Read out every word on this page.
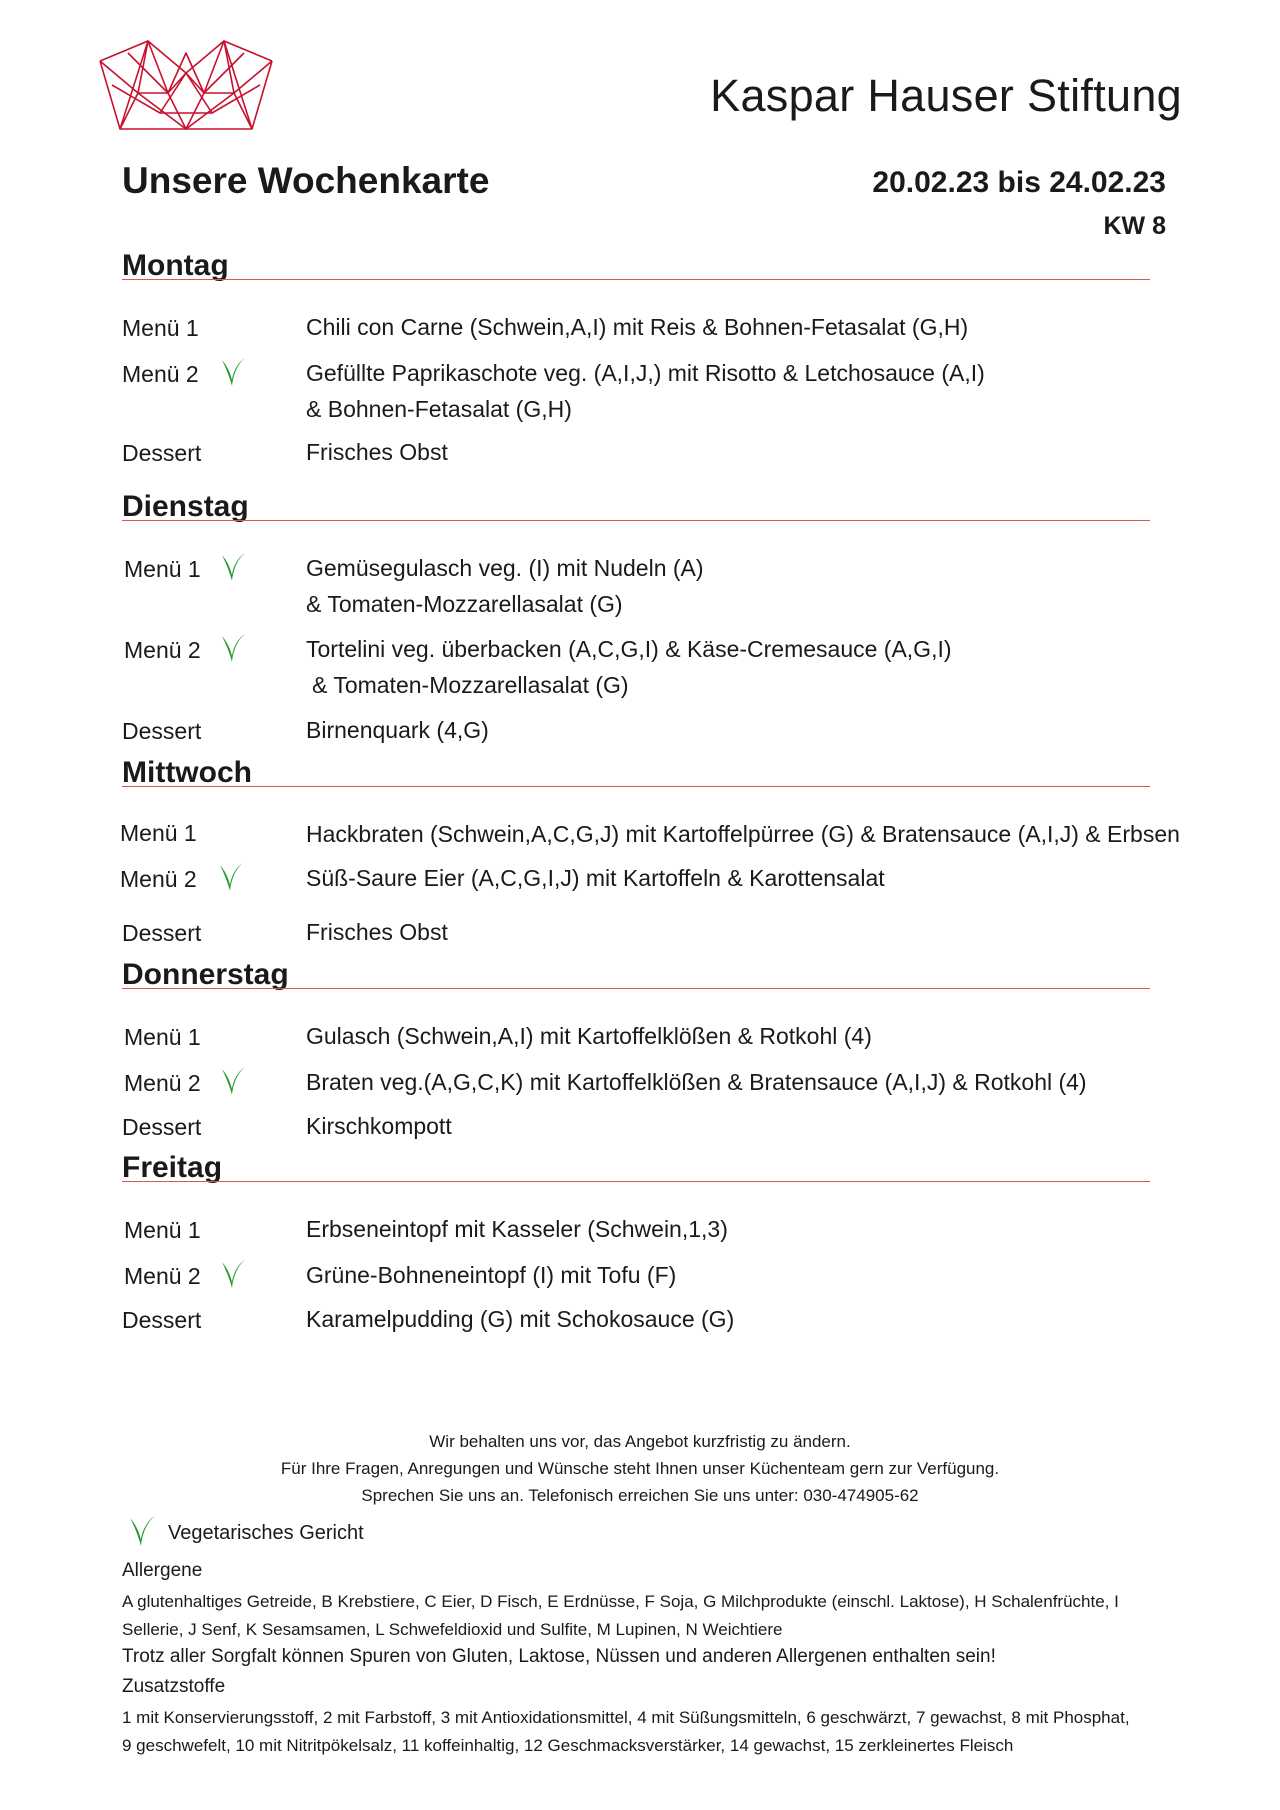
Kaspar Hauser Stiftung
Unsere Wochenkarte	20.02.23 bis 24.02.23
KW 8
Montag
Menü 1	Chili con Carne (Schwein,A,I) mit Reis & Bohnen-Fetasalat (G,H)
Menü 2	Gefüllte Paprikaschote veg. (A,I,J,) mit Risotto & Letchosauce (A,I)
& Bohnen-Fetasalat (G,H)
Dessert	Frisches Obst
Dienstag
Menü 1	Gemüsegulasch veg. (I) mit Nudeln (A)
& Tomaten-Mozzarellasalat (G)
Menü 2	Tortelini veg. überbacken (A,C,G,I) & Käse-Cremesauce (A,G,I)
& Tomaten-Mozzarellasalat (G)
Dessert	Birnenquark (4,G)
Mittwoch
Menü 1	Hackbraten (Schwein,A,C,G,J) mit Kartoffelpürree (G) & Bratensauce (A,I,J) & Erbsen
Menü 2	Süß-Saure Eier (A,C,G,I,J) mit Kartoffeln & Karottensalat
Dessert	Frisches Obst
Donnerstag
Menü 1	Gulasch (Schwein,A,I) mit Kartoffelklößen & Rotkohl (4)
Menü 2	Braten veg.(A,G,C,K) mit Kartoffelklößen & Bratensauce (A,I,J) & Rotkohl (4)
Dessert	Kirschkompott
Freitag
Menü 1	Erbseneintopf mit Kasseler (Schwein,1,3)
Menü 2	Grüne-Bohneneintopf (I) mit Tofu (F)
Dessert	Karamelpudding (G) mit Schokosauce (G)
Wir behalten uns vor, das Angebot kurzfristig zu ändern.
Für Ihre Fragen, Anregungen und Wünsche steht Ihnen unser Küchenteam gern zur Verfügung.
Sprechen Sie uns an. Telefonisch erreichen Sie uns unter: 030-474905-62
Vegetarisches Gericht
Allergene
A glutenhaltiges Getreide, B Krebstiere, C Eier, D Fisch, E Erdnüsse, F Soja, G Milchprodukte (einschl. Laktose), H Schalenfrüchte, I
Sellerie, J Senf, K Sesamsamen, L Schwefeldioxid und Sulfite, M Lupinen, N Weichtiere
Trotz aller Sorgfalt können Spuren von Gluten, Laktose, Nüssen und anderen Allergenen enthalten sein!
Zusatzstoffe
1 mit Konservierungsstoff, 2 mit Farbstoff, 3 mit Antioxidationsmittel, 4 mit Süßungsmitteln, 6 geschwärzt, 7 gewachst, 8 mit Phosphat,
9 geschwefelt, 10 mit Nitritpökelsalz, 11 koffeinhaltig, 12 Geschmacksverstärker, 14 gewachst, 15 zerkleinertes Fleisch
